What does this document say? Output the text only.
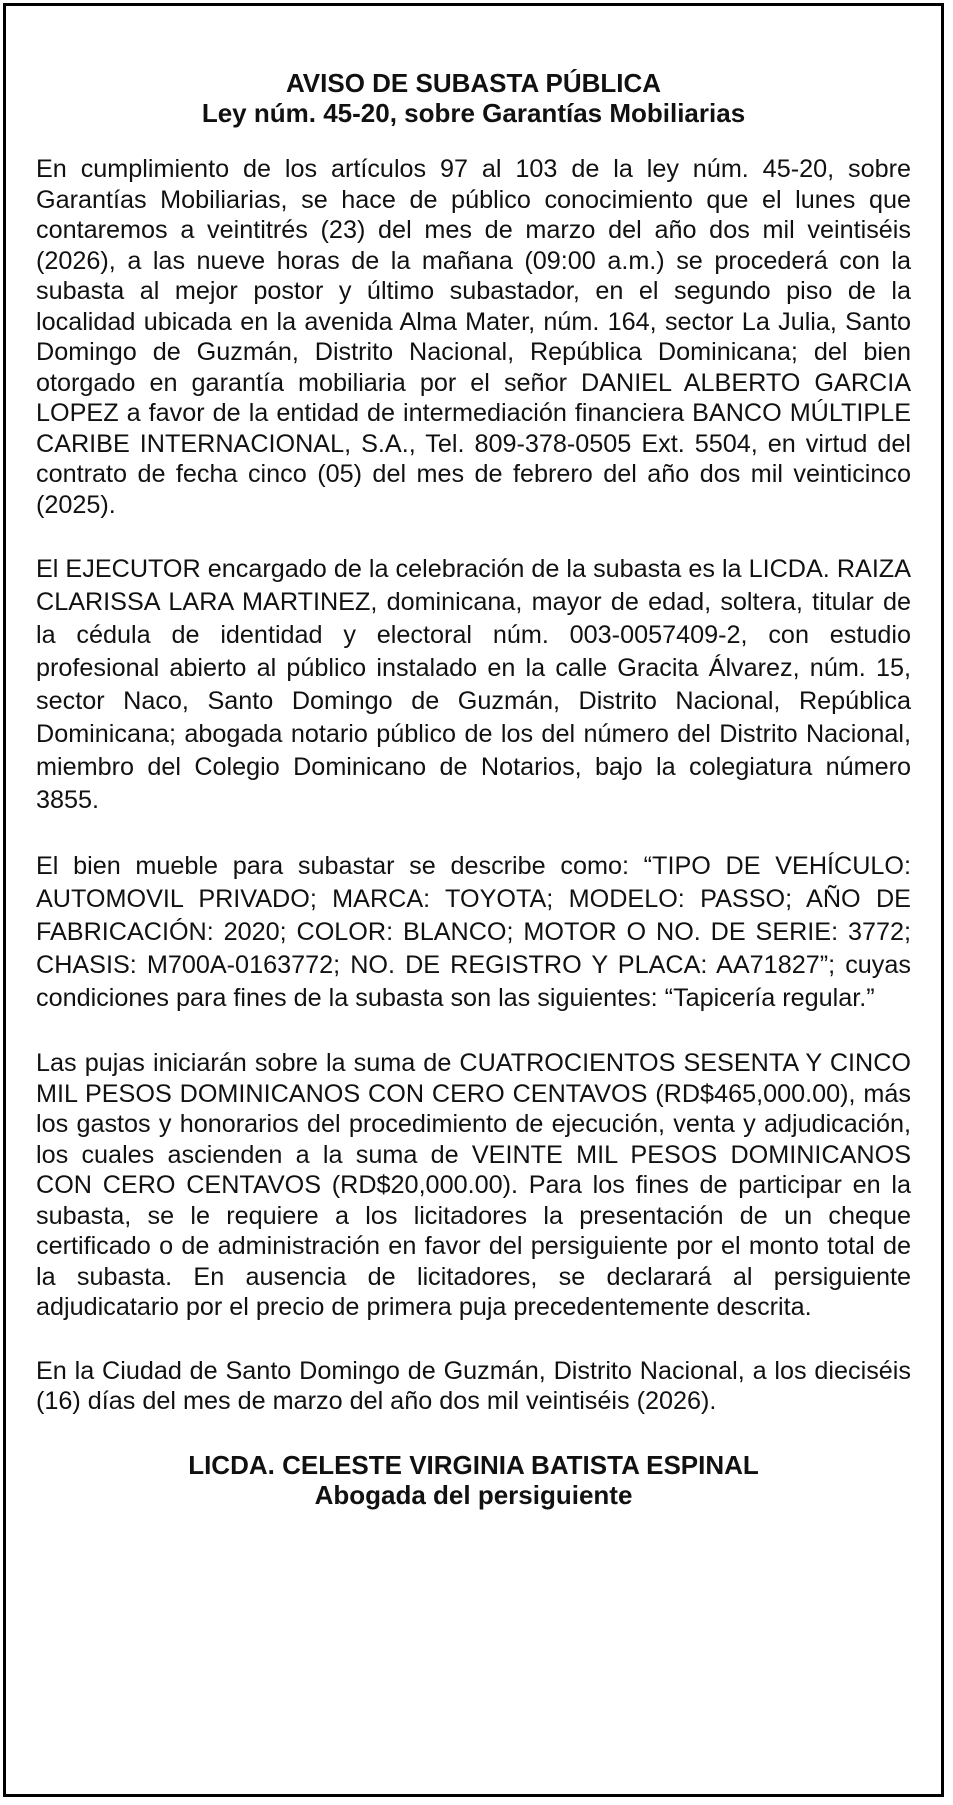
AVISO DE SUBASTA PÚBLICA
Ley núm. 45-20, sobre Garantías Mobiliarias

En cumplimiento de los artículos 97 al 103 de la ley núm. 45-20, sobre Garantías Mobiliarias, se hace de público conocimiento que el lunes que contaremos a veintitrés (23) del mes de marzo del año dos mil veintiséis (2026), a las nueve horas de la mañana (09:00 a.m.) se procederá con la subasta al mejor postor y último subastador, en el segundo piso de la localidad ubicada en la avenida Alma Mater, núm. 164, sector La Julia, Santo Domingo de Guzmán, Distrito Nacional, República Dominicana; del bien otorgado en garantía mobiliaria por el señor DANIEL ALBERTO GARCIA LOPEZ a favor de la entidad de intermediación financiera BANCO MÚLTIPLE CARIBE INTERNACIONAL, S.A., Tel. 809-378-0505 Ext. 5504, en virtud del contrato de fecha cinco (05) del mes de febrero del año dos mil veinticinco (2025).

El EJECUTOR encargado de la celebración de la subasta es la LICDA. RAIZA CLARISSA LARA MARTINEZ, dominicana, mayor de edad, soltera, titular de la cédula de identidad y electoral núm. 003-0057409-2, con estudio profesional abierto al público instalado en la calle Gracita Álvarez, núm. 15, sector Naco, Santo Domingo de Guzmán, Distrito Nacional, República Dominicana; abogada notario público de los del número del Distrito Nacional, miembro del Colegio Dominicano de Notarios, bajo la colegiatura número 3855.

El bien mueble para subastar se describe como: “TIPO DE VEHÍCULO: AUTOMOVIL PRIVADO; MARCA: TOYOTA; MODELO: PASSO; AÑO DE FABRICACIÓN: 2020; COLOR: BLANCO; MOTOR O NO. DE SERIE: 3772; CHASIS: M700A-0163772; NO. DE REGISTRO Y PLACA: AA71827”; cuyas condiciones para fines de la subasta son las siguientes: “Tapicería regular.”

Las pujas iniciarán sobre la suma de CUATROCIENTOS SESENTA Y CINCO MIL PESOS DOMINICANOS CON CERO CENTAVOS (RD$465,000.00), más los gastos y honorarios del procedimiento de ejecución, venta y adjudicación, los cuales ascienden a la suma de VEINTE MIL PESOS DOMINICANOS CON CERO CENTAVOS (RD$20,000.00). Para los fines de participar en la subasta, se le requiere a los licitadores la presentación de un cheque certificado o de administración en favor del persiguiente por el monto total de la subasta. En ausencia de licitadores, se declarará al persiguiente adjudicatario por el precio de primera puja precedentemente descrita.

En la Ciudad de Santo Domingo de Guzmán, Distrito Nacional, a los dieciséis (16) días del mes de marzo del año dos mil veintiséis (2026).

LICDA. CELESTE VIRGINIA BATISTA ESPINAL
Abogada del persiguiente
